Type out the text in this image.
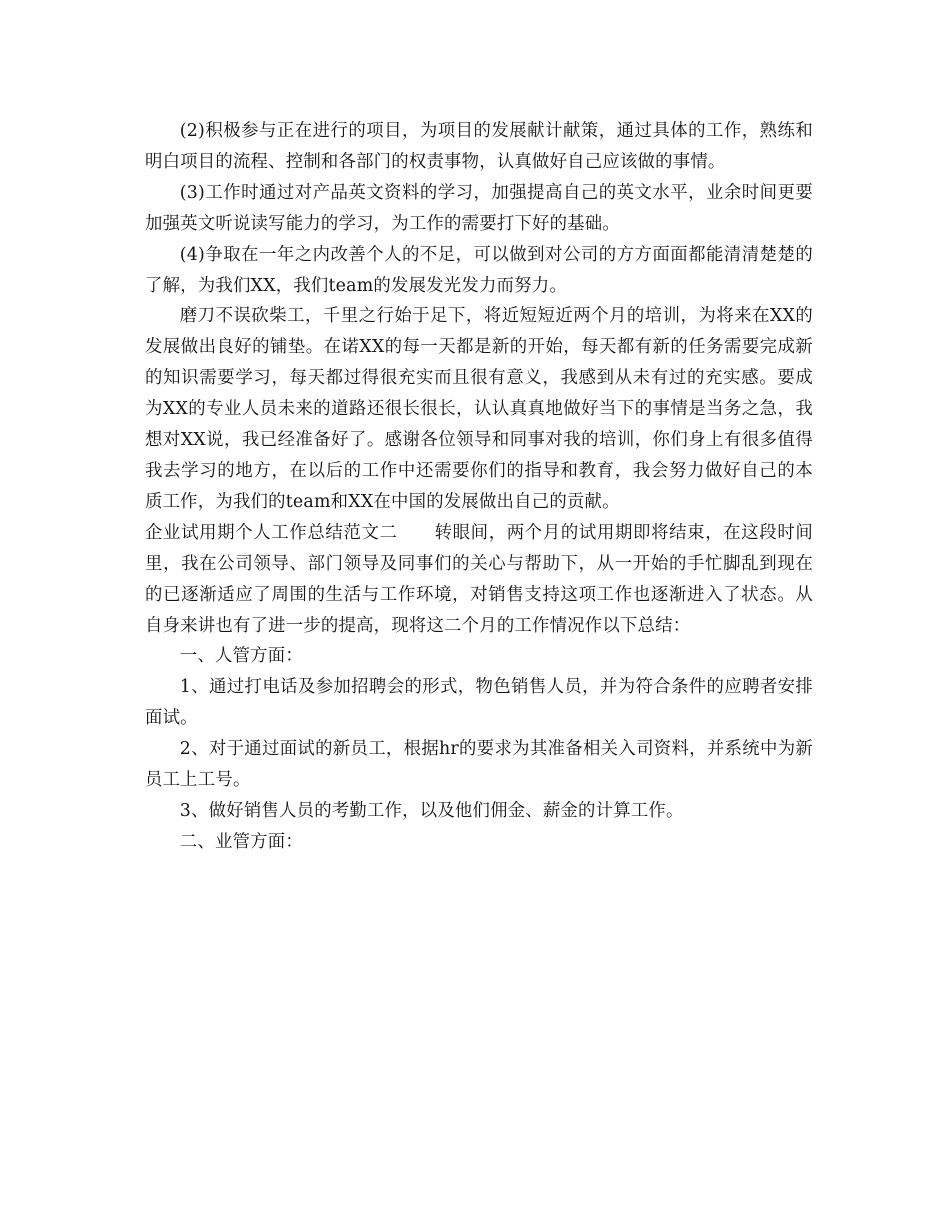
(2)积极参与正在进行的项目，为项目的发展献计献策，通过具体的工作，熟练和明白项目的流程、控制和各部门的权责事物，认真做好自己应该做的事情。

(3)工作时通过对产品英文资料的学习，加强提高自己的英文水平，业余时间更要加强英文听说读写能力的学习，为工作的需要打下好的基础。

(4)争取在一年之内改善个人的不足，可以做到对公司的方方面面都能清清楚楚的了解，为我们XX，我们team的发展发光发力而努力。

磨刀不误砍柴工，千里之行始于足下，将近短短近两个月的培训，为将来在XX的发展做出良好的铺垫。在诺XX的每一天都是新的开始，每天都有新的任务需要完成新的知识需要学习，每天都过得很充实而且很有意义，我感到从未有过的充实感。要成为XX的专业人员未来的道路还很长很长，认认真真地做好当下的事情是当务之急，我想对XX说，我已经准备好了。感谢各位领导和同事对我的培训，你们身上有很多值得我去学习的地方，在以后的工作中还需要你们的指导和教育，我会努力做好自己的本质工作，为我们的team和XX在中国的发展做出自己的贡献。

企业试用期个人工作总结范文二 转眼间，两个月的试用期即将结束，在这段时间里，我在公司领导、部门领导及同事们的关心与帮助下，从一开始的手忙脚乱到现在的已逐渐适应了周围的生活与工作环境，对销售支持这项工作也逐渐进入了状态。从自身来讲也有了进一步的提高，现将这二个月的工作情况作以下总结：

一、人管方面：

1、通过打电话及参加招聘会的形式，物色销售人员，并为符合条件的应聘者安排面试。

2、对于通过面试的新员工，根据hr的要求为其准备相关入司资料，并系统中为新员工上工号。

3、做好销售人员的考勤工作，以及他们佣金、薪金的计算工作。

二、业管方面：
